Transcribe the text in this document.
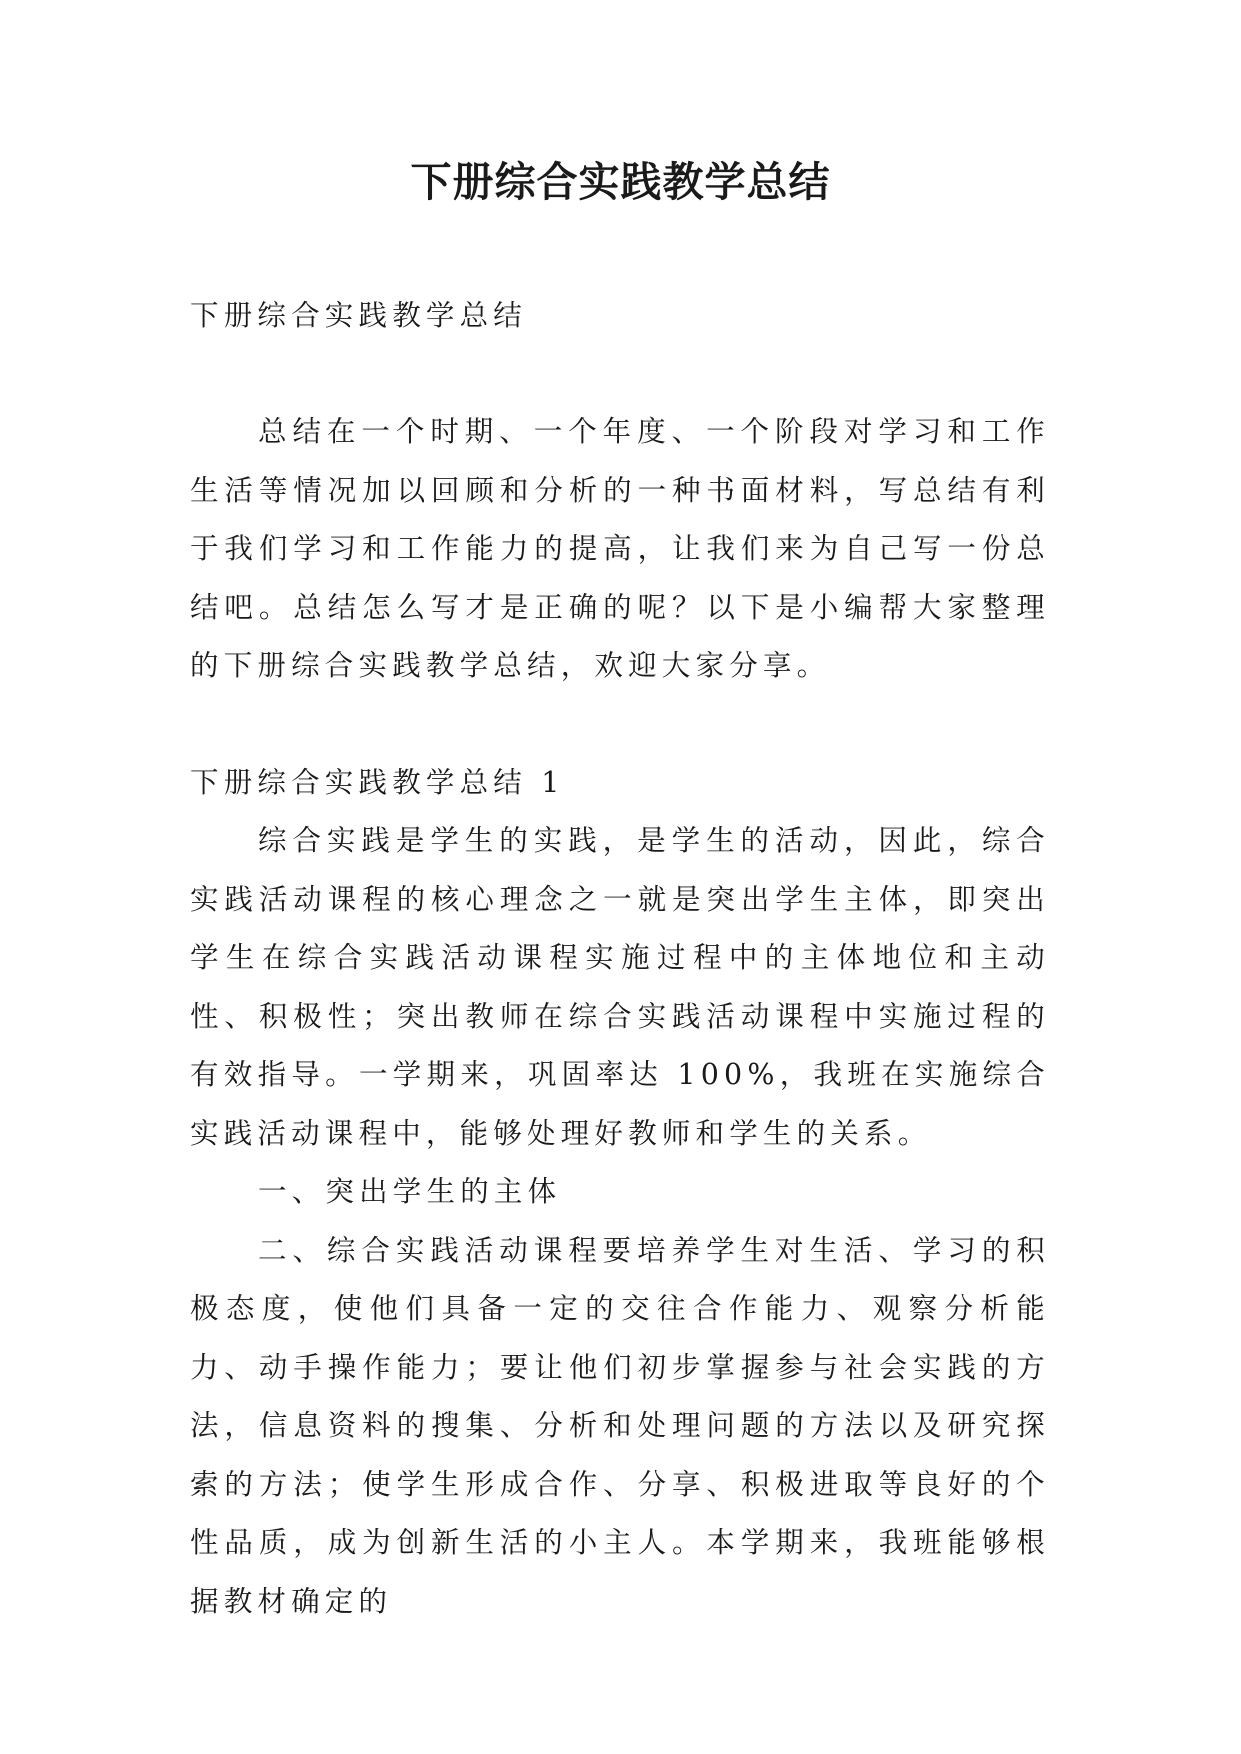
下册综合实践教学总结

下册综合实践教学总结

总结在一个时期、一个年度、一个阶段对学习和工作生活等情况加以回顾和分析的一种书面材料，写总结有利于我们学习和工作能力的提高，让我们来为自己写一份总结吧。总结怎么写才是正确的呢？以下是小编帮大家整理的下册综合实践教学总结，欢迎大家分享。

下册综合实践教学总结 1

综合实践是学生的实践，是学生的活动，因此，综合实践活动课程的核心理念之一就是突出学生主体，即突出学生在综合实践活动课程实施过程中的主体地位和主动性、积极性；突出教师在综合实践活动课程中实施过程的有效指导。一学期来，巩固率达 100%，我班在实施综合实践活动课程中，能够处理好教师和学生的关系。

一、突出学生的主体

二、综合实践活动课程要培养学生对生活、学习的积极态度，使他们具备一定的交往合作能力、观察分析能力、动手操作能力；要让他们初步掌握参与社会实践的方法，信息资料的搜集、分析和处理问题的方法以及研究探索的方法；使学生形成合作、分享、积极进取等良好的个性品质，成为创新生活的小主人。本学期来，我班能够根据教材确定的
